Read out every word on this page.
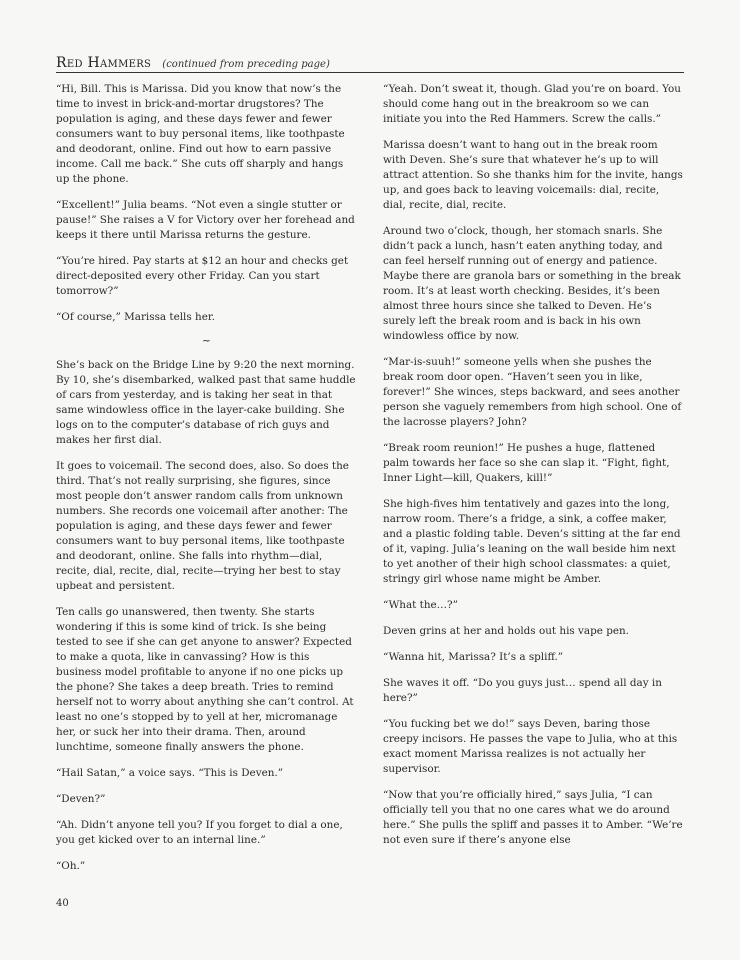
Red Hammers (continued from preceding page)

“Hi, Bill. This is Marissa. Did you know that now’s the time to invest in brick-and-mortar drugstores? The population is aging, and these days fewer and fewer consumers want to buy personal items, like toothpaste and deodorant, online. Find out how to earn passive income. Call me back.” She cuts off sharply and hangs up the phone.

“Excellent!” Julia beams. “Not even a single stutter or pause!” She raises a V for Victory over her forehead and keeps it there until Marissa returns the gesture.

“You’re hired. Pay starts at $12 an hour and checks get direct-deposited every other Friday. Can you start tomorrow?”

“Of course,” Marissa tells her.

~

She’s back on the Bridge Line by 9:20 the next morning. By 10, she’s disembarked, walked past that same huddle of cars from yesterday, and is taking her seat in that same windowless office in the layer-cake building. She logs on to the computer’s database of rich guys and makes her first dial.

It goes to voicemail. The second does, also. So does the third. That’s not really surprising, she figures, since most people don’t answer random calls from unknown numbers. She records one voicemail after another: The population is aging, and these days fewer and fewer consumers want to buy personal items, like toothpaste and deodorant, online. She falls into rhythm—dial, recite, dial, recite, dial, recite—trying her best to stay upbeat and persistent.

Ten calls go unanswered, then twenty. She starts wondering if this is some kind of trick. Is she being tested to see if she can get anyone to answer? Expected to make a quota, like in canvassing? How is this business model profitable to anyone if no one picks up the phone? She takes a deep breath. Tries to remind herself not to worry about anything she can’t control. At least no one’s stopped by to yell at her, micromanage her, or suck her into their drama. Then, around lunchtime, someone finally answers the phone.

“Hail Satan,” a voice says. “This is Deven.”

“Deven?”

“Ah. Didn’t anyone tell you? If you forget to dial a one, you get kicked over to an internal line.”

“Oh.”

“Yeah. Don’t sweat it, though. Glad you’re on board. You should come hang out in the breakroom so we can initiate you into the Red Hammers. Screw the calls.”

Marissa doesn’t want to hang out in the break room with Deven. She’s sure that whatever he’s up to will attract attention. So she thanks him for the invite, hangs up, and goes back to leaving voicemails: dial, recite, dial, recite, dial, recite.

Around two o’clock, though, her stomach snarls. She didn’t pack a lunch, hasn’t eaten anything today, and can feel herself running out of energy and patience. Maybe there are granola bars or something in the break room. It’s at least worth checking. Besides, it’s been almost three hours since she talked to Deven. He’s surely left the break room and is back in his own windowless office by now.

“Mar-is-suuh!” someone yells when she pushes the break room door open. “Haven’t seen you in like, forever!” She winces, steps backward, and sees another person she vaguely remembers from high school. One of the lacrosse players? John?

“Break room reunion!” He pushes a huge, flattened palm towards her face so she can slap it. “Fight, fight, Inner Light—kill, Quakers, kill!”

She high-fives him tentatively and gazes into the long, narrow room. There’s a fridge, a sink, a coffee maker, and a plastic folding table. Deven’s sitting at the far end of it, vaping. Julia’s leaning on the wall beside him next to yet another of their high school classmates: a quiet, stringy girl whose name might be Amber.

“What the…?”

Deven grins at her and holds out his vape pen.

“Wanna hit, Marissa? It’s a spliff.”

She waves it off. “Do you guys just… spend all day in here?”

“You fucking bet we do!” says Deven, baring those creepy incisors. He passes the vape to Julia, who at this exact moment Marissa realizes is not actually her supervisor.

“Now that you’re officially hired,” says Julia, “I can officially tell you that no one cares what we do around here.” She pulls the spliff and passes it to Amber. “We’re not even sure if there’s anyone else

40
